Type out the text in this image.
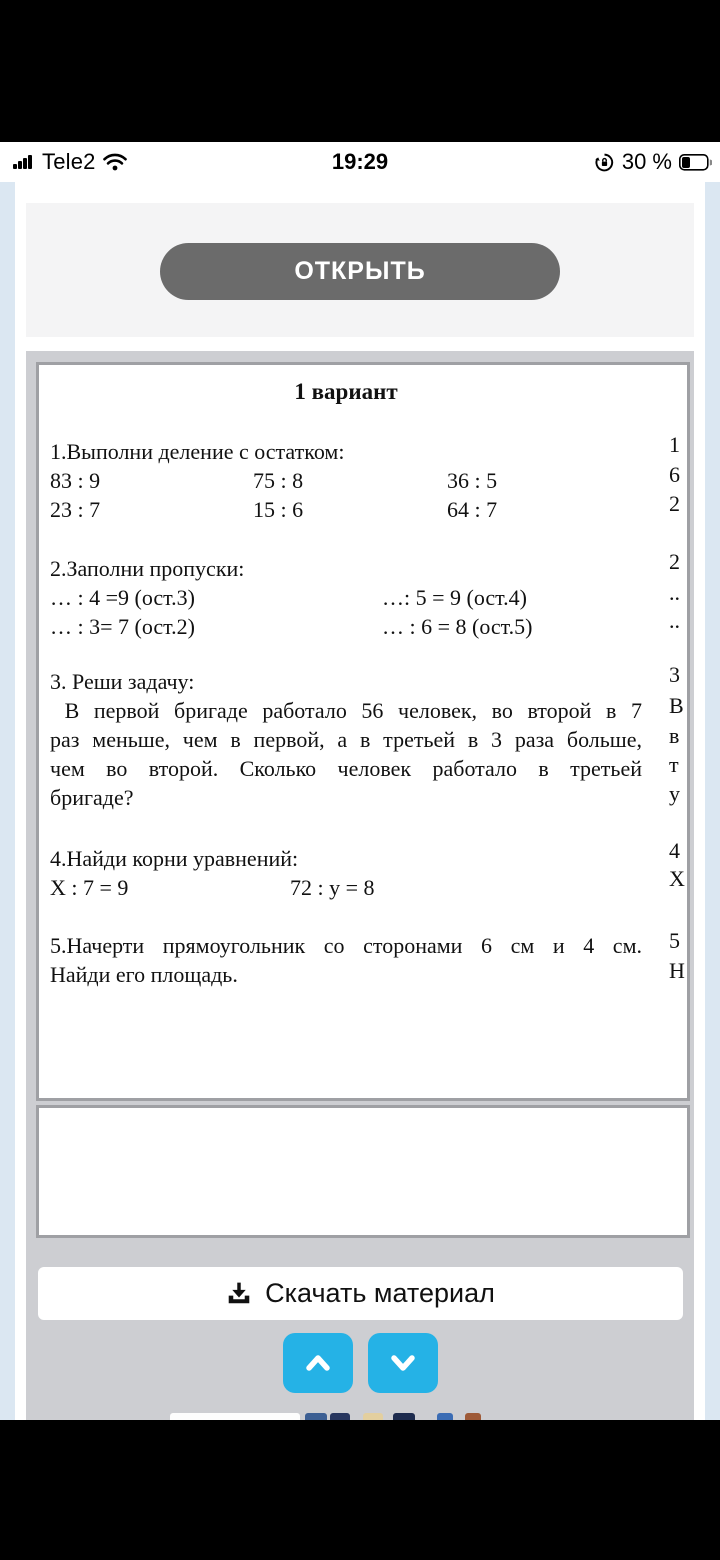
Tele2	19:29	30 %
ОТКРЫТЬ
1 вариант
1.Выполни деление с остатком:
83 : 9	75 : 8	36 : 5
23 : 7	15 : 6	64 : 7
2.Заполни пропуски:
… : 4 =9 (ост.3)	…: 5 = 9 (ост.4)
… : 3= 7 (ост.2)	… : 6 = 8 (ост.5)
3. Реши задачу:
В первой бригаде работало 56 человек, во второй в 7
раз меньше, чем в первой, а в третьей в 3 раза больше,
чем во второй. Сколько человек работало в третьей
бригаде?
4.Найди корни уравнений:
Х : 7 = 9	72 : у = 8
5.Начерти прямоугольник со сторонами 6 см и 4 см.
Найди его площадь.
1
6
2
2
..
..
3
В
в
т
у
4
Х
5
Н
Скачать материал
